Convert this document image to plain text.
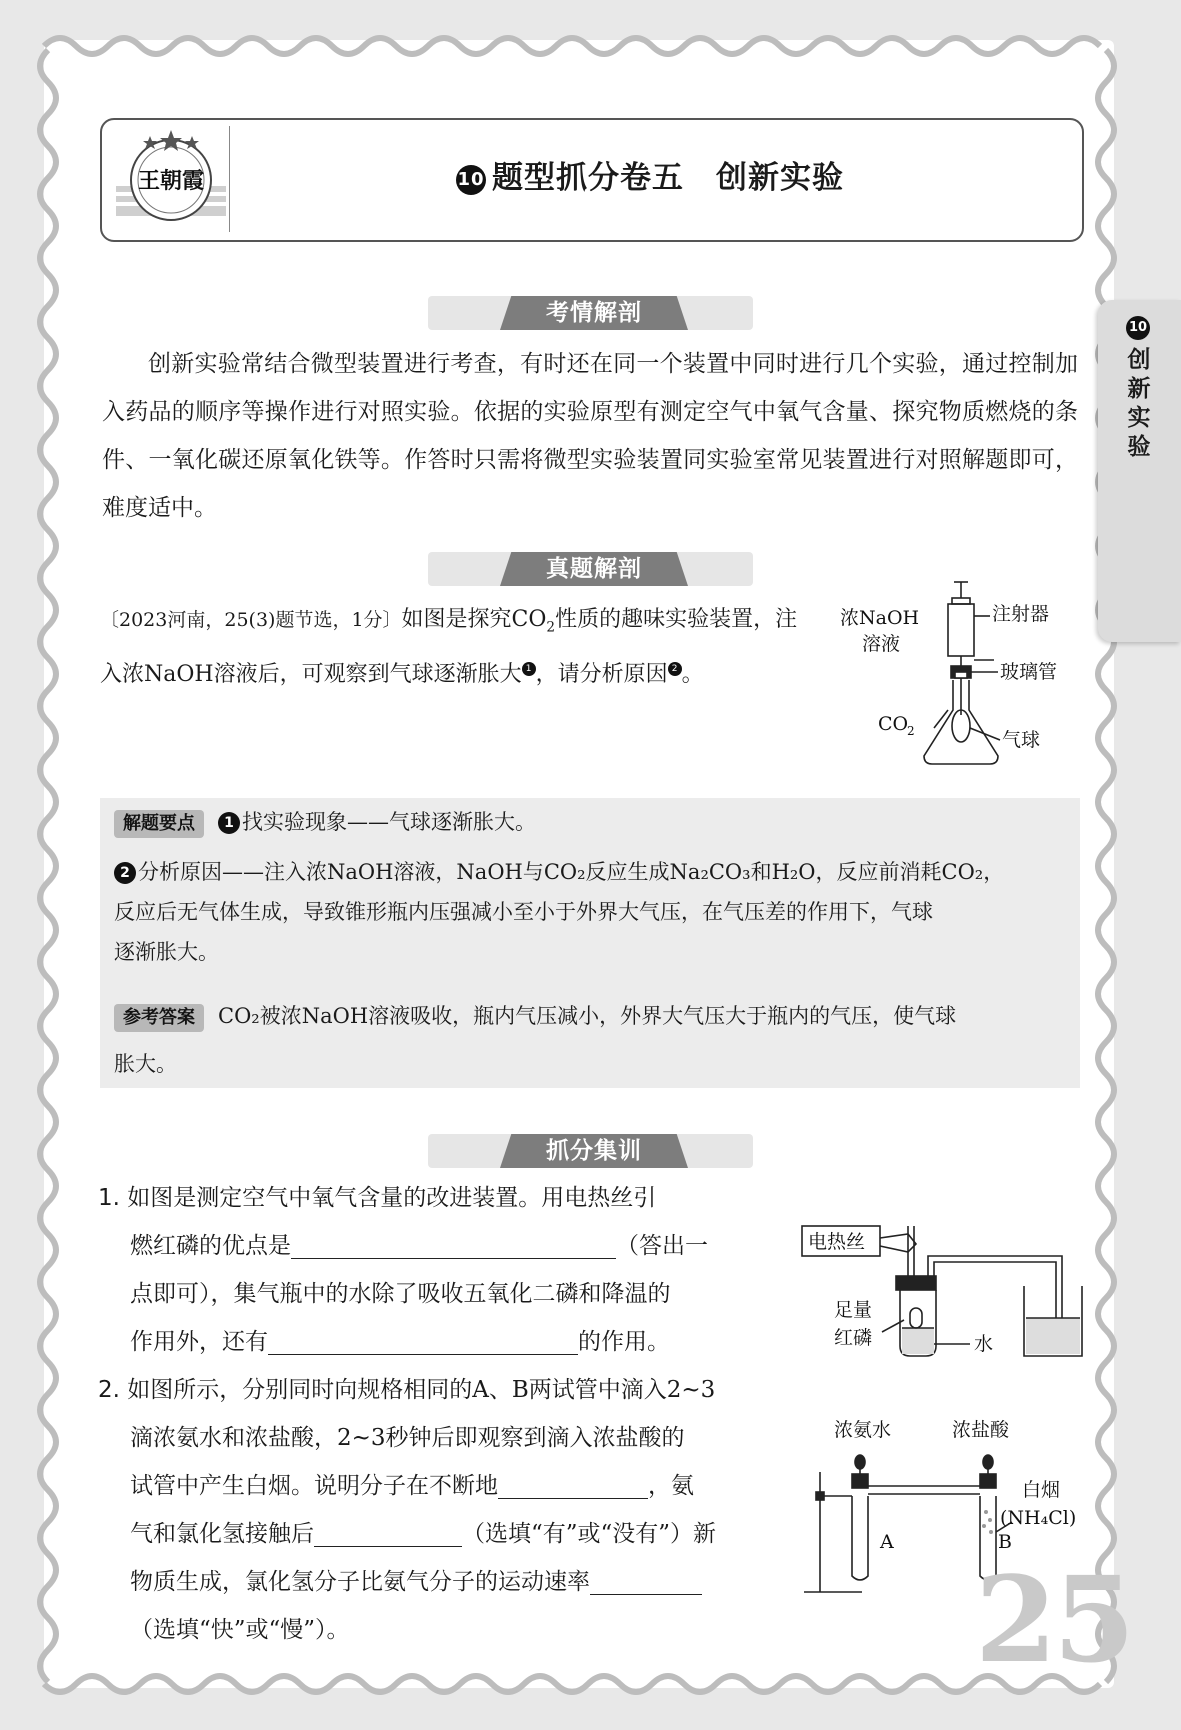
王朝霞	10 题型抓分卷五　创新实验
10
创新实验
考情解剖
创新实验常结合微型装置进行考查，有时还在同一个装置中同时进行几个实验，通过控制加入药品的顺序等操作进行对照实验。依据的实验原型有测定空气中氧气含量、探究物质燃烧的条件、一氧化碳还原氧化铁等。作答时只需将微型实验装置同实验室常见装置进行对照解题即可，难度适中。
真题解剖
〔2023河南，25(3)题节选，1分〕如图是探究$CO_2$性质的趣味实验装置，注
入浓NaOH溶液后，可观察到气球逐渐胀大 1 ，请分析原因 2 。
浓NaOH
溶液
注射器
玻璃管
CO
2	气球
解题要点 1 找实验现象——气球逐渐胀大。
2 分析原因——注入浓NaOH溶液，NaOH与CO₂反应生成Na₂CO₃和H₂O，反应前消耗CO₂，
反应后无气体生成，导致锥形瓶内压强减小至小于外界大气压，在气压差的作用下，气球
逐渐胀大。
参考答案 CO₂被浓NaOH溶液吸收，瓶内气压减小，外界大气压大于瓶内的气压，使气球
胀大。
抓分集训
1. 如图是测定空气中氧气含量的改进装置。用电热丝引
燃红磷的优点是	（答出一
点即可），集气瓶中的水除了吸收五氧化二磷和降温的
作用外，还有	的作用。
电热丝
足量
红磷	水
2. 如图所示，分别同时向规格相同的A、B两试管中滴入2~3
滴浓氨水和浓盐酸，2~3秒钟后即观察到滴入浓盐酸的
试管中产生白烟。说明分子在不断地	，氨
气和氯化氢接触后	（选填“有”或“没有”）新
物质生成，氯化氢分子比氨气分子的运动速率
（选填“快”或“慢”）。
浓氨水	浓盐酸
白烟
(NH₄Cl)
A	B
25
